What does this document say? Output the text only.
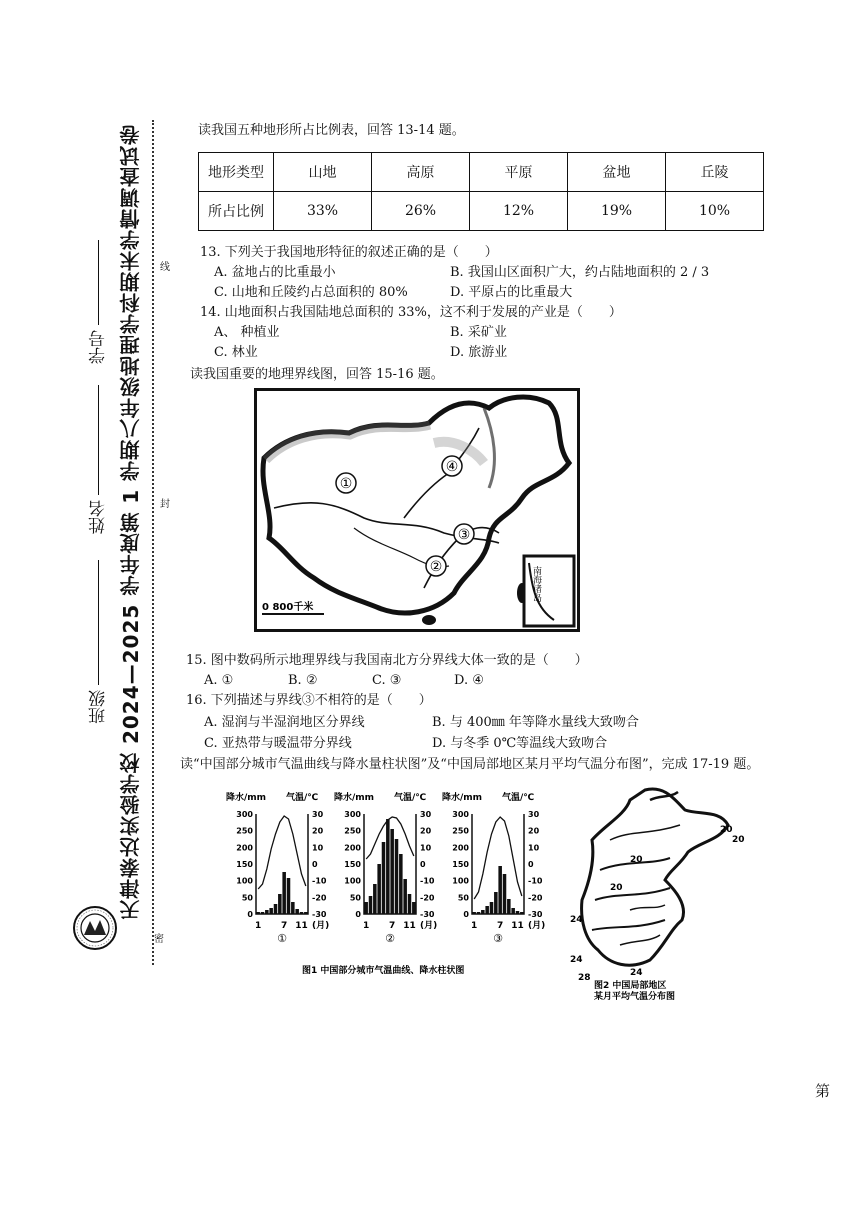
天津泰达实验学校 2024—2025 学年度第 1 学期八年级地理学科期末学情调查试卷
班级
姓名
学号
密
封
线
读我国五种地形所占比例表，回答 13-14 题。
地形类型	山地	高原	平原	盆地	丘陵
所占比例	33%	26%	12%	19%	10%
13. 下列关于我国地形特征的叙述正确的是（　　）
A. 盆地占的比重最小	B. 我国山区面积广大，约占陆地面积的 2 / 3
C. 山地和丘陵约占总面积的 80%	D. 平原占的比重最大
14. 山地面积占我国陆地总面积的 33%，这不利于发展的产业是（　　）
A、 种植业	B. 采矿业
C. 林业	D. 旅游业
读我国重要的地理界线图，回答 15-16 题。
①
②
③
④
南海诸岛
0 800千米
15. 图中数码所示地理界线与我国南北方分界线大体一致的是（　　）
A. ①	B. ②	C. ③	D. ④
16. 下列描述与界线③不相符的是（　　）
A. 湿润与半湿润地区分界线	B. 与 400㎜ 年等降水量线大致吻合
C. 亚热带与暖温带分界线	D. 与冬季 0℃等温线大致吻合
读“中国部分城市气温曲线与降水量柱状图”及“中国局部地区某月平均气温分布图”，完成 17-19 题。
降水/mm 气温/℃
300
250
200
150
100
50
0
30
20
10
0
-10
-20
-30
1 7 11 (月)
①
降水/mm 气温/℃
300
250
200
150
100
50
0
30
20
10
0
-10
-20
-30
1 7 11 (月)
②
降水/mm 气温/℃
300
250
200
150
100
50
0
30
20
10
0
-10
-20
-30
1 7 11 (月)
③
图1 中国部分城市气温曲线、降水柱状图
20
20
20
24
24
28
20
24
图2 中国局部地区
某月平均气温分布图
第
